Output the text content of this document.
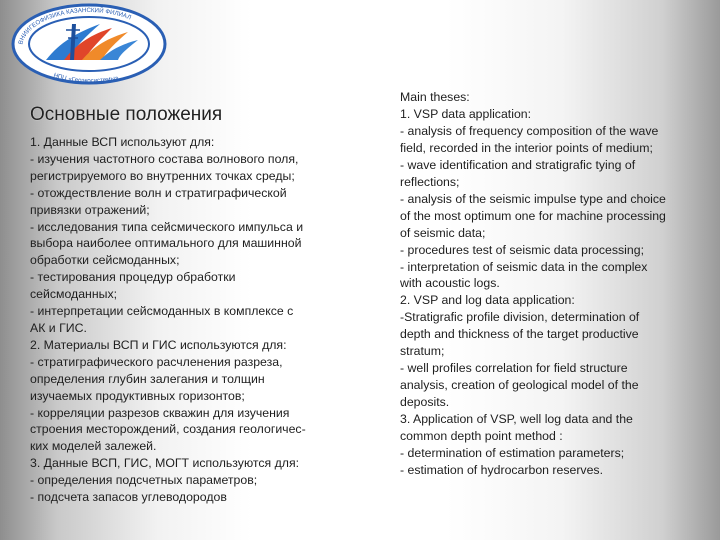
ВНИИГЕОФИЗИКА КАЗАНСКИЙ ФИЛИАЛ
НПЦ «Геоэкосистемы»
Основные положения
1. Данные ВСП используют для:
- изучения частотного состава волнового поля,
регистрируемого во внутренних точках среды;
- отождествление волн и стратиграфической
привязки отражений;
- исследования типа сейсмического импульса и
выбора наиболее оптимального для машинной
обработки сейсмоданных;
- тестирования процедур обработки
сейсмоданных;
- интерпретации сейсмоданных в комплексе с
АК и ГИС.
2. Материалы ВСП и ГИС используются для:
- стратиграфического расчленения разреза,
определения глубин залегания и толщин
изучаемых продуктивных горизонтов;
- корреляции разрезов скважин для изучения
строения месторождений, создания геологичес-
ких моделей залежей.
3. Данные ВСП, ГИС, МОГТ используются для:
- определения подсчетных параметров;
- подсчета запасов углеводородов
Main theses:
1. VSP data application:
- analysis of frequency composition of the wave
field, recorded in the interior points of medium;
- wave identification and stratigrafic tying of
reflections;
- analysis of the seismic impulse type and choice
of the most optimum one for machine processing
of seismic data;
- procedures test of seismic data processing;
- interpretation of seismic data in the complex
with acoustic logs.
2. VSP and log data application:
-Stratigrafic profile division, determination of
depth and thickness of the target productive
stratum;
- well profiles correlation for field structure
analysis, creation of geological model of the
deposits.
3. Application of VSP, well log data and the
common depth point method :
- determination of estimation parameters;
- estimation of hydrocarbon reserves.
